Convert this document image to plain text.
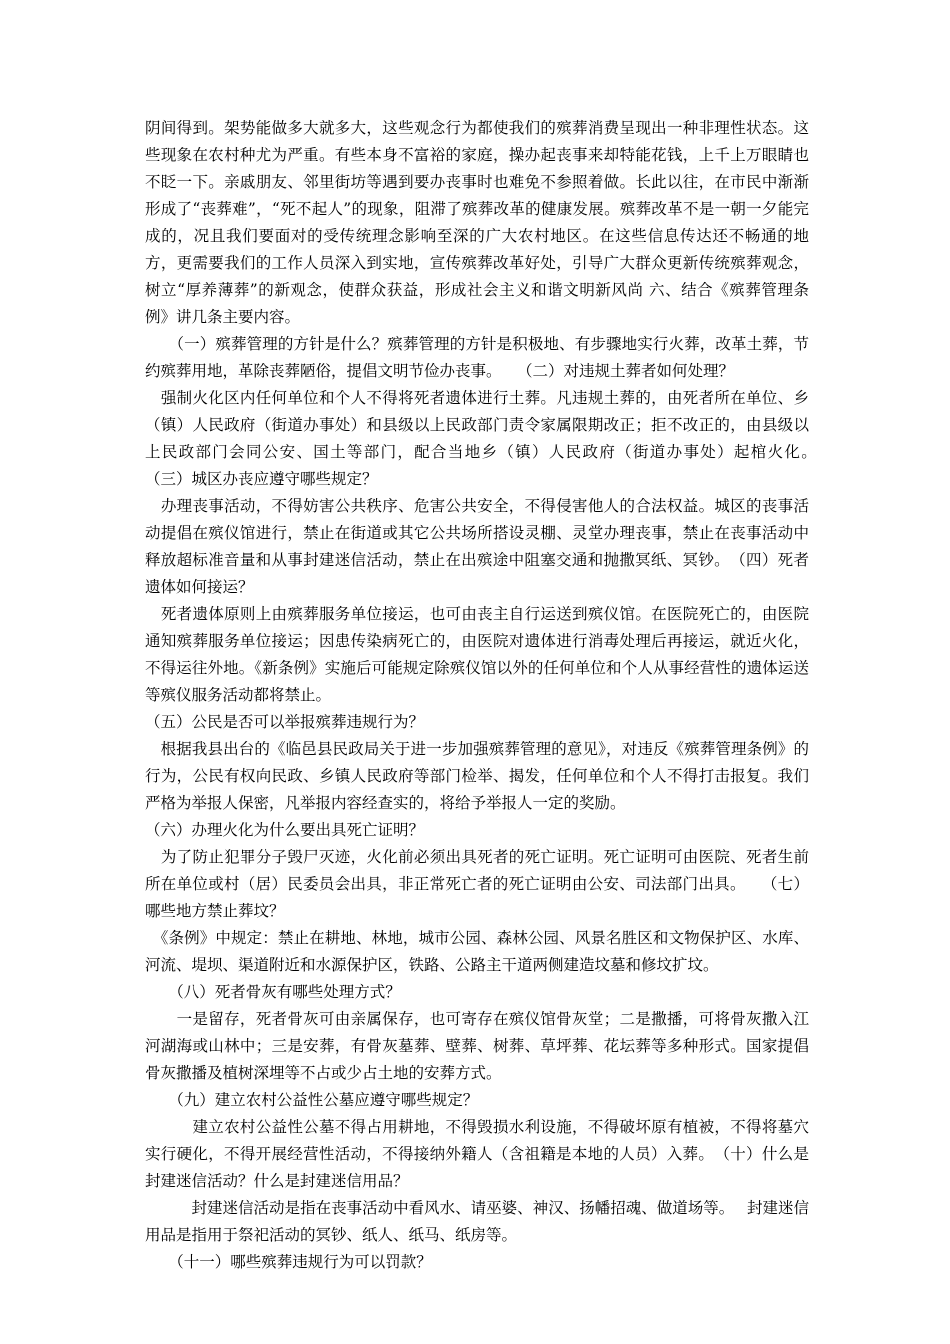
阴间得到。架势能做多大就多大，这些观念行为都使我们的殡葬消费呈现出一种非理性状态。这些现象在农村种尤为严重。有些本身不富裕的家庭，操办起丧事来却特能花钱，上千上万眼睛也不眨一下。亲戚朋友、邻里街坊等遇到要办丧事时也难免不参照着做。长此以往，在市民中渐渐形成了“丧葬难”，“死不起人”的现象，阻滞了殡葬改革的健康发展。殡葬改革不是一朝一夕能完成的，况且我们要面对的受传统理念影响至深的广大农村地区。在这些信息传达还不畅通的地方，更需要我们的工作人员深入到实地，宣传殡葬改革好处，引导广大群众更新传统殡葬观念，树立“厚养薄葬”的新观念，使群众获益，形成社会主义和谐文明新风尚 六、结合《殡葬管理条例》讲几条主要内容。

　　（一）殡葬管理的方针是什么？殡葬管理的方针是积极地、有步骤地实行火葬，改革土葬，节约殡葬用地，革除丧葬陋俗，提倡文明节俭办丧事。　　（二）对违规土葬者如何处理？

　强制火化区内任何单位和个人不得将死者遗体进行土葬。凡违规土葬的，由死者所在单位、乡（镇）人民政府（街道办事处）和县级以上民政部门责令家属限期改正；拒不改正的，由县级以上民政部门会同公安、国土等部门，配合当地乡（镇）人民政府（街道办事处）起棺火化。　　（三）城区办丧应遵守哪些规定？

　办理丧事活动，不得妨害公共秩序、危害公共安全，不得侵害他人的合法权益。城区的丧事活动提倡在殡仪馆进行，禁止在街道或其它公共场所搭设灵棚、灵堂办理丧事，禁止在丧事活动中释放超标准音量和从事封建迷信活动，禁止在出殡途中阻塞交通和抛撒冥纸、冥钞。　（四）死者遗体如何接运？

　死者遗体原则上由殡葬服务单位接运，也可由丧主自行运送到殡仪馆。在医院死亡的，由医院通知殡葬服务单位接运；因患传染病死亡的，由医院对遗体进行消毒处理后再接运，就近火化，不得运往外地。《新条例》实施后可能规定除殡仪馆以外的任何单位和个人从事经营性的遗体运送等殡仪服务活动都将禁止。

（五）公民是否可以举报殡葬违规行为？

　根据我县出台的《临邑县民政局关于进一步加强殡葬管理的意见》，对违反《殡葬管理条例》的行为，公民有权向民政、乡镇人民政府等部门检举、揭发，任何单位和个人不得打击报复。我们严格为举报人保密，凡举报内容经查实的，将给予举报人一定的奖励。

（六）办理火化为什么要出具死亡证明？

　为了防止犯罪分子毁尸灭迹，火化前必须出具死者的死亡证明。死亡证明可由医院、死者生前所在单位或村（居）民委员会出具，非正常死亡者的死亡证明由公安、司法部门出具。　　（七）哪些地方禁止葬坟？

　《条例》中规定：禁止在耕地、林地，城市公园、森林公园、风景名胜区和文物保护区、水库、河流、堤坝、渠道附近和水源保护区，铁路、公路主干道两侧建造坟墓和修坟扩坟。

　　（八）死者骨灰有哪些处理方式？

　　一是留存，死者骨灰可由亲属保存，也可寄存在殡仪馆骨灰堂；二是撒播，可将骨灰撒入江河湖海或山林中；三是安葬，有骨灰墓葬、壁葬、树葬、草坪葬、花坛葬等多种形式。国家提倡骨灰撒播及植树深埋等不占或少占土地的安葬方式。

　　（九）建立农村公益性公墓应遵守哪些规定？

　　　建立农村公益性公墓不得占用耕地，不得毁损水利设施，不得破坏原有植被，不得将墓穴实行硬化，不得开展经营性活动，不得接纳外籍人（含祖籍是本地的人员）入葬。　（十）什么是封建迷信活动？什么是封建迷信用品？

　　　封建迷信活动是指在丧事活动中看风水、请巫婆、神汉、扬幡招魂、做道场等。　 封建迷信用品是指用于祭祀活动的冥钞、纸人、纸马、纸房等。

　　（十一）哪些殡葬违规行为可以罚款？
